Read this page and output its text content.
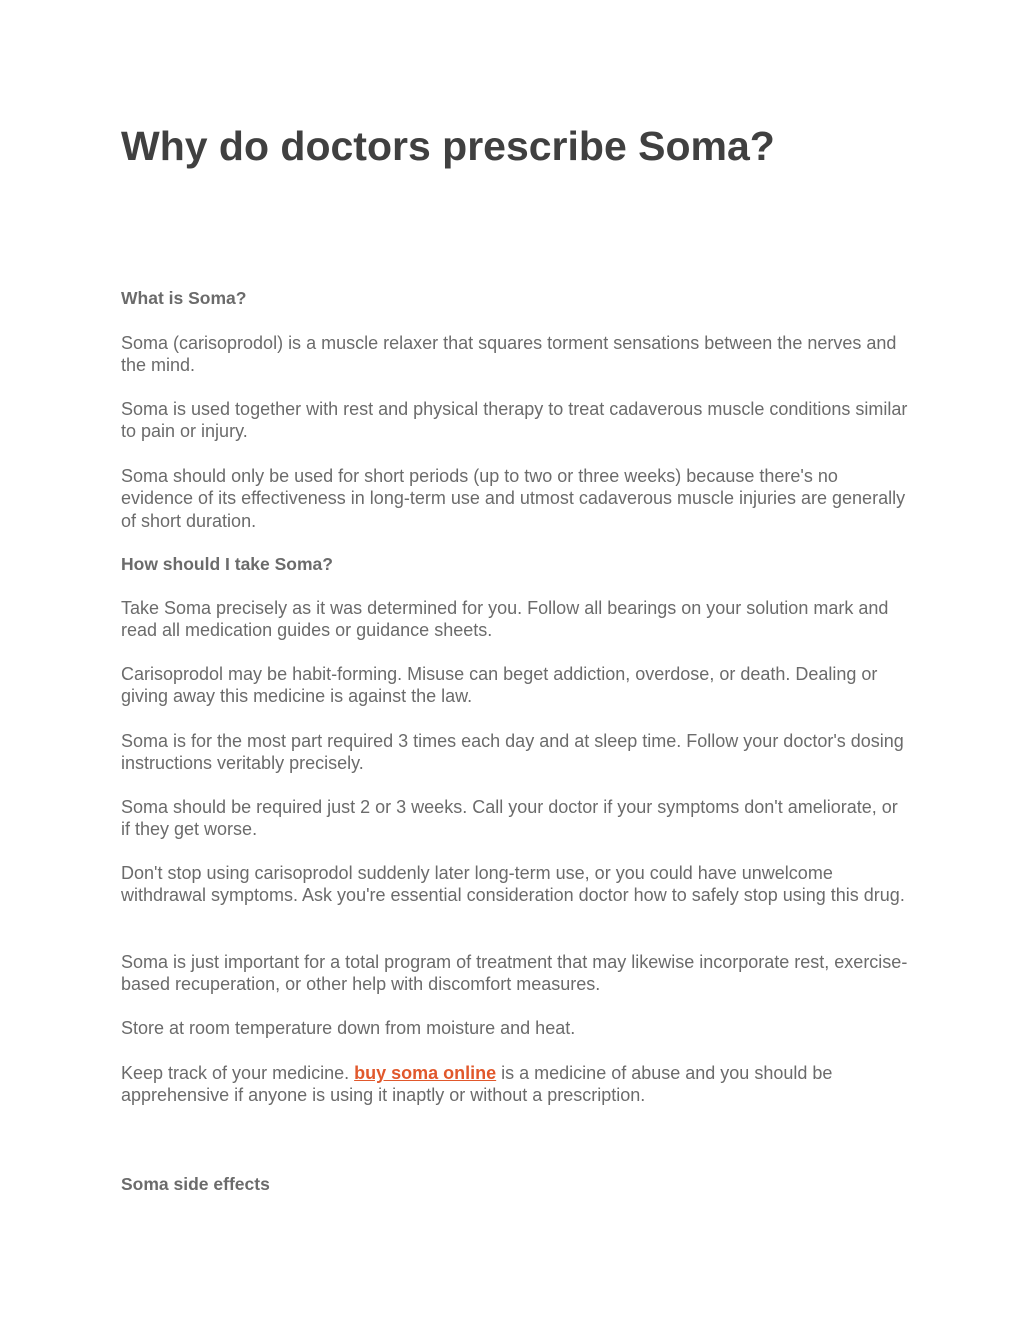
Why do doctors prescribe Soma?

What is Soma?

Soma (carisoprodol) is a muscle relaxer that squares torment sensations between the nerves and the mind.

Soma is used together with rest and physical therapy to treat cadaverous muscle conditions similar to pain or injury.

Soma should only be used for short periods (up to two or three weeks) because there's no evidence of its effectiveness in long-term use and utmost cadaverous muscle injuries are generally of short duration.

How should I take Soma?

Take Soma precisely as it was determined for you. Follow all bearings on your solution mark and read all medication guides or guidance sheets.

Carisoprodol may be habit-forming. Misuse can beget addiction, overdose, or death. Dealing or giving away this medicine is against the law.

Soma is for the most part required 3 times each day and at sleep time. Follow your doctor's dosing instructions veritably precisely.

Soma should be required just 2 or 3 weeks. Call your doctor if your symptoms don't ameliorate, or if they get worse.

Don't stop using carisoprodol suddenly later long-term use, or you could have unwelcome withdrawal symptoms. Ask you're essential consideration doctor how to safely stop using this drug.

Soma is just important for a total program of treatment that may likewise incorporate rest, exercise-based recuperation, or other help with discomfort measures.

Store at room temperature down from moisture and heat.

Keep track of your medicine. buy soma online is a medicine of abuse and you should be apprehensive if anyone is using it inaptly or without a prescription.

Soma side effects
